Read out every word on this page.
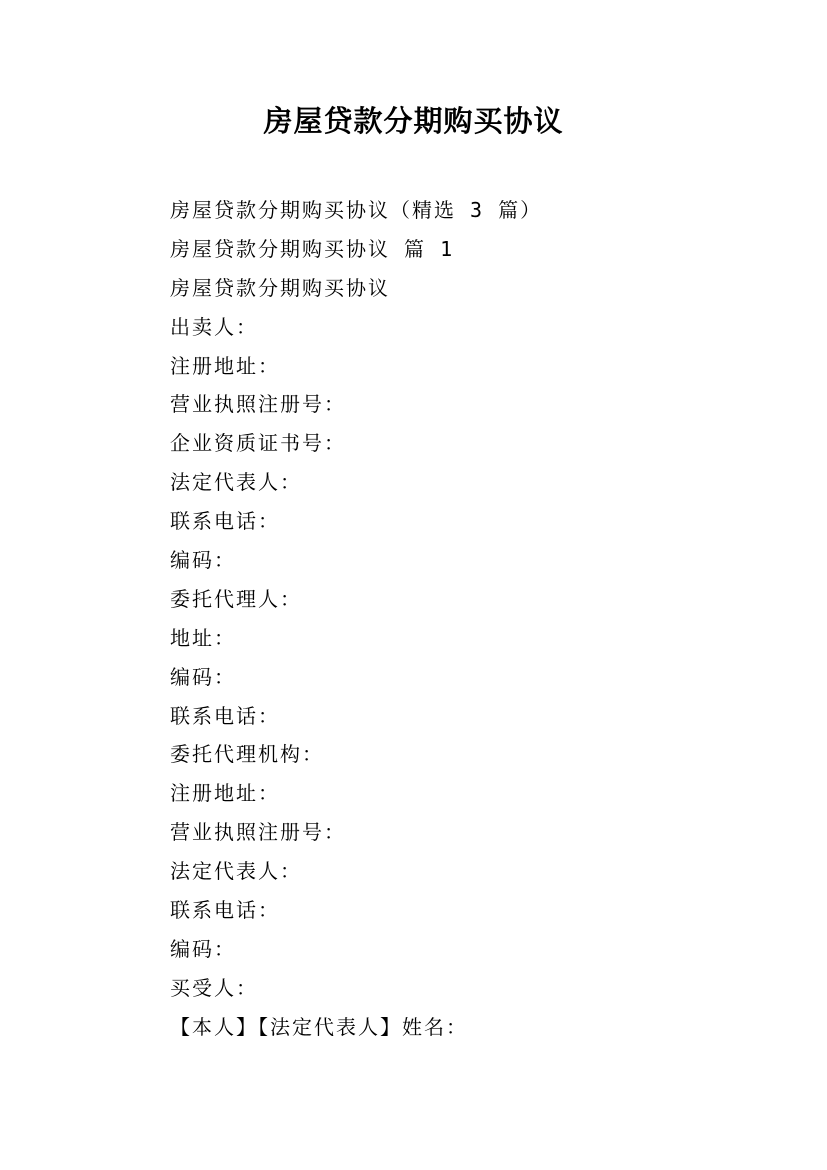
房屋贷款分期购买协议
房屋贷款分期购买协议（精选 3 篇）
房屋贷款分期购买协议 篇 1
房屋贷款分期购买协议
出卖人：
注册地址：
营业执照注册号：
企业资质证书号：
法定代表人：
联系电话：
编码：
委托代理人：
地址：
编码：
联系电话：
委托代理机构：
注册地址：
营业执照注册号：
法定代表人：
联系电话：
编码：
买受人：
【本人】【法定代表人】姓名：
